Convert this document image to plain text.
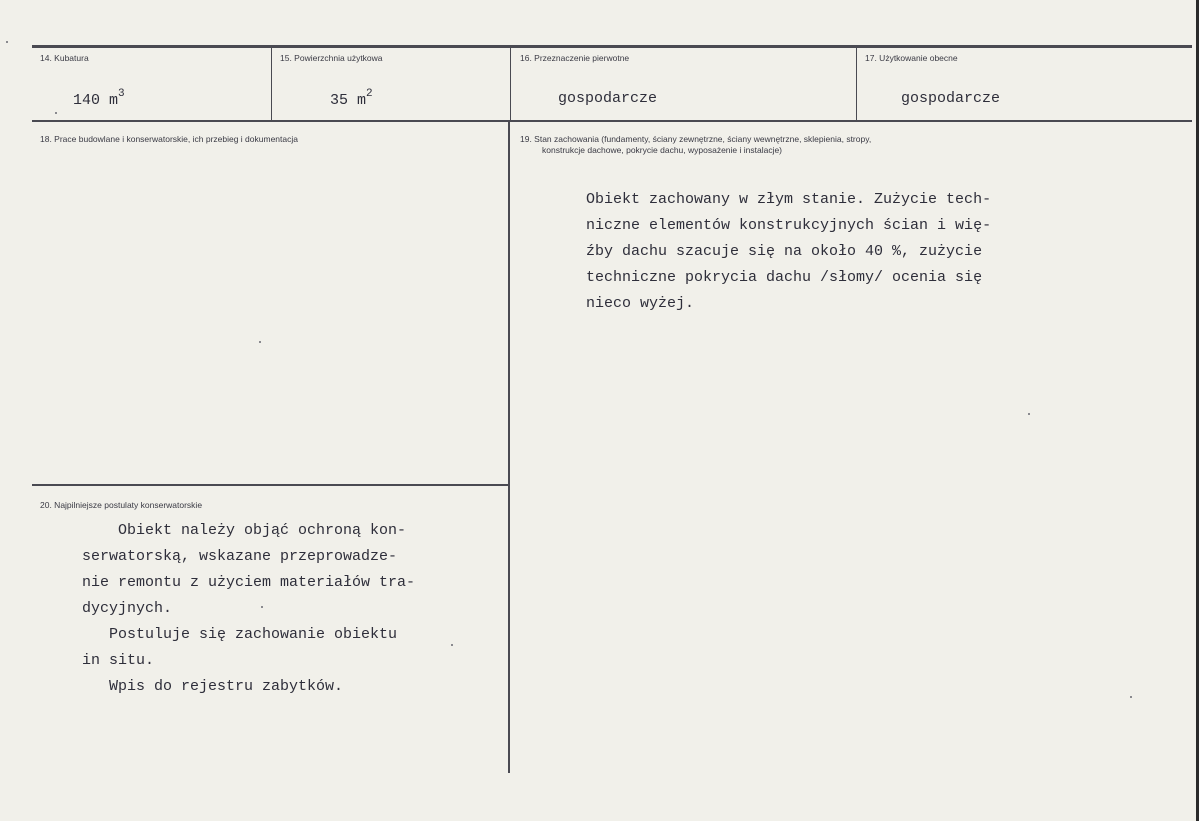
14. Kubatura
140 $m^3$
15. Powierzchnia użytkowa
35 $m^2$
16. Przeznaczenie pierwotne
gospodarcze
17. Użytkowanie obecne
gospodarcze
18. Prace budowlane i konserwatorskie, ich przebieg i dokumentacja	19. Stan zachowania (fundamenty, ściany zewnętrzne, ściany wewnętrzne, sklepienia, stropy,
konstrukcje dachowe, pokrycie dachu, wyposażenie i instalacje)
Obiekt zachowany w złym stanie. Zużycie tech-
niczne elementów konstrukcyjnych ścian i wię-
źby dachu szacuje się na około 40 %, zużycie
techniczne pokrycia dachu /słomy/ ocenia się
nieco wyżej.
20. Najpilniejsze postulaty konserwatorskie
Obiekt należy objąć ochroną kon-
serwatorską, wskazane przeprowadze-
nie remontu z użyciem materiałów tra-
dycyjnych.
Postuluje się zachowanie obiektu
in situ.
Wpis do rejestru zabytków.
